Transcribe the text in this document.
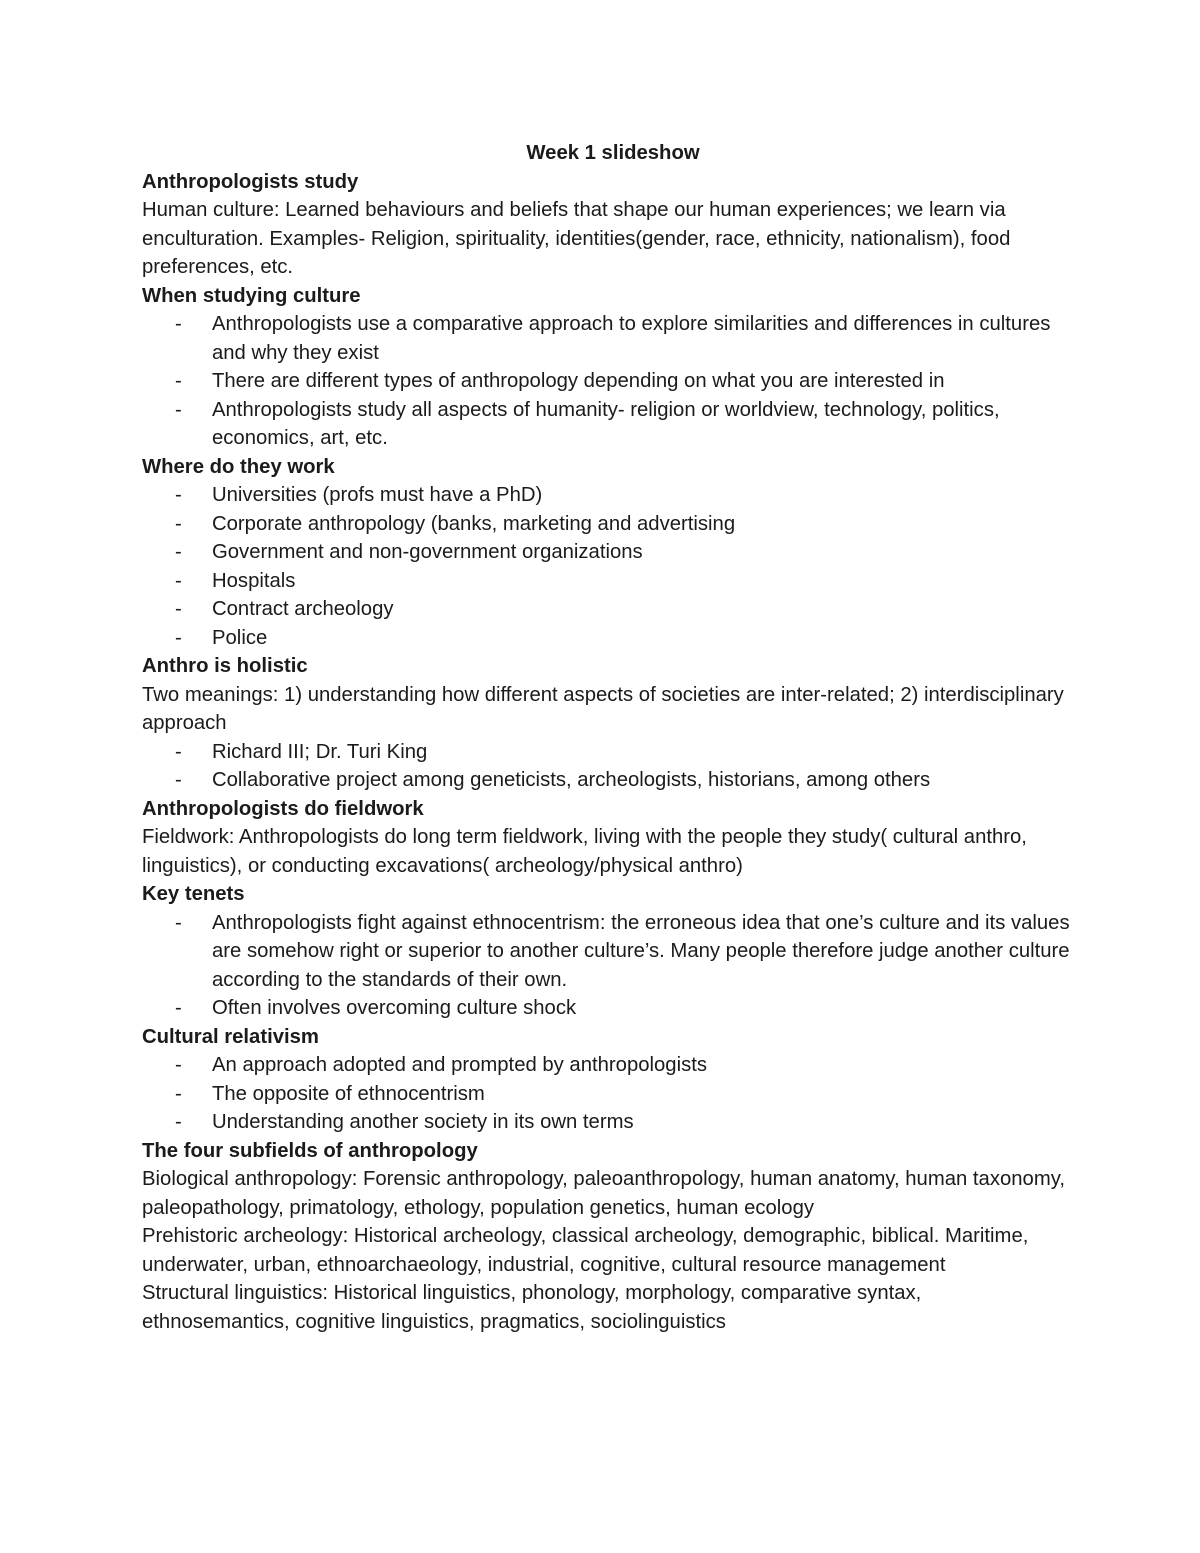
Week 1 slideshow
Anthropologists study

Human culture: Learned behaviours and beliefs that shape our human experiences; we learn via enculturation. Examples- Religion, spirituality, identities(gender, race, ethnicity, nationalism), food preferences, etc.

When studying culture
- Anthropologists use a comparative approach to explore similarities and differences in cultures and why they exist
- There are different types of anthropology depending on what you are interested in
- Anthropologists study all aspects of humanity- religion or worldview, technology, politics, economics, art, etc.
Where do they work
- Universities (profs must have a PhD)
- Corporate anthropology (banks, marketing and advertising
- Government and non-government organizations
- Hospitals
- Contract archeology
- Police
Anthro is holistic

Two meanings: 1) understanding how different aspects of societies are inter-related; 2) interdisciplinary approach

- Richard III; Dr. Turi King
- Collaborative project among geneticists, archeologists, historians, among others
Anthropologists do fieldwork

Fieldwork: Anthropologists do long term fieldwork, living with the people they study( cultural anthro, linguistics), or conducting excavations( archeology/physical anthro)

Key tenets
- Anthropologists fight against ethnocentrism: the erroneous idea that one’s culture and its values are somehow right or superior to another culture’s. Many people therefore judge another culture according to the standards of their own.
- Often involves overcoming culture shock
Cultural relativism
- An approach adopted and prompted by anthropologists
- The opposite of ethnocentrism
- Understanding another society in its own terms
The four subfields of anthropology

Biological anthropology: Forensic anthropology, paleoanthropology, human anatomy, human taxonomy, paleopathology, primatology, ethology, population genetics, human ecology

Prehistoric archeology: Historical archeology, classical archeology, demographic, biblical. Maritime, underwater, urban, ethnoarchaeology, industrial, cognitive, cultural resource management

Structural linguistics: Historical linguistics, phonology, morphology, comparative syntax, ethnosemantics, cognitive linguistics, pragmatics, sociolinguistics
